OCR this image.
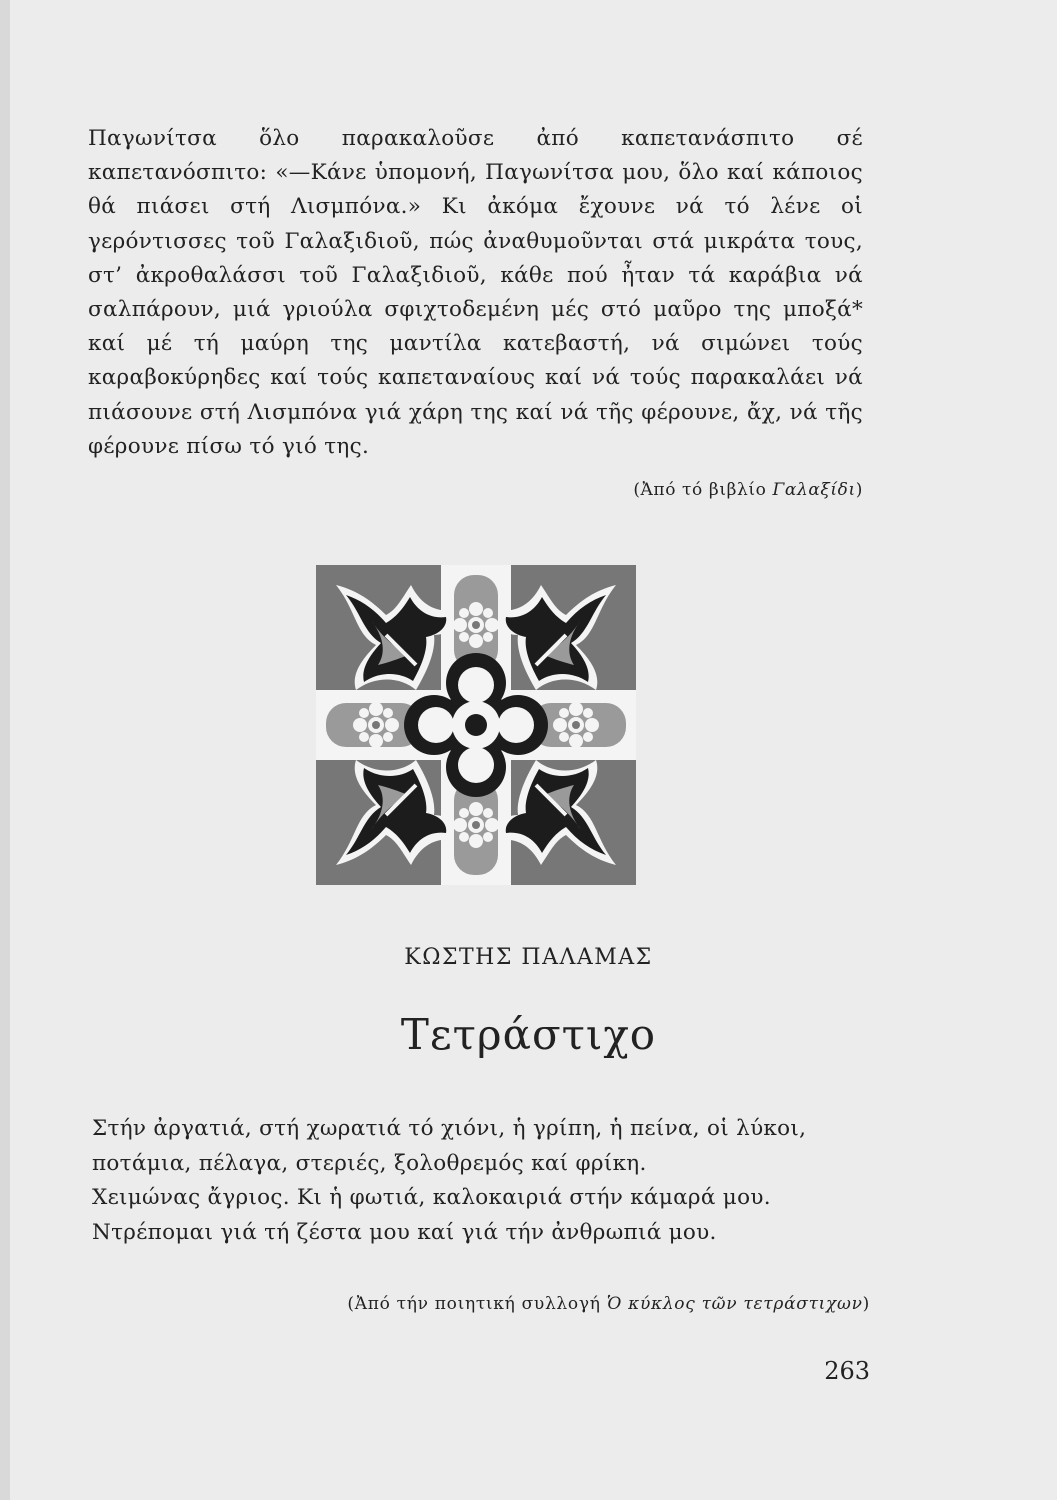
Παγωνίτσα ὅλο παρακαλοῦσε ἀπό καπετανάσπιτο σέ καπετανόσπιτο: «—Κάνε ὑπομονή, Παγωνίτσα μου, ὅλο καί κάποιος θά πιάσει στή Λισμπόνα.» Κι ἀκόμα ἔχουνε νά τό λένε οἱ γερόντισσες τοῦ Γαλαξιδιοῦ, πώς ἀναθυμοῦνται στά μικράτα τους, στ’ ἀκροθαλάσσι τοῦ Γαλαξιδιοῦ, κάθε πού ἦταν τά καράβια νά σαλπάρουν, μιά γριούλα σφιχτοδεμένη μές στό μαῦρο της μποξά* καί μέ τή μαύρη της μαντίλα κατεβαστή, νά σιμώνει τούς καραβοκύρηδες καί τούς καπεταναίους καί νά τούς παρακαλάει νά πιάσουνε στή Λισμπόνα γιά χάρη της καί νά τῆς φέρουνε, ἄχ, νά τῆς φέρουνε πίσω τό γιό της.

(Ἀπό τό βιβλίο Γαλαξίδι)
ΚΩΣΤΗΣ ΠΑΛΑΜΑΣ
Τετράστιχο
Στήν ἀργατιά, στή χωρατιά τό χιόνι, ἡ γρίπη, ἡ πείνα, οἱ λύκοι,
ποτάμια, πέλαγα, στεριές, ξολοθρεμός καί φρίκη.
Χειμώνας ἄγριος. Κι ἡ φωτιά, καλοκαιριά στήν κάμαρά μου.
Ντρέπομαι γιά τή ζέστα μου καί γιά τήν ἀνθρωπιά μου.
(Ἀπό τήν ποιητική συλλογή Ὁ κύκλος τῶν τετράστιχων)
263
